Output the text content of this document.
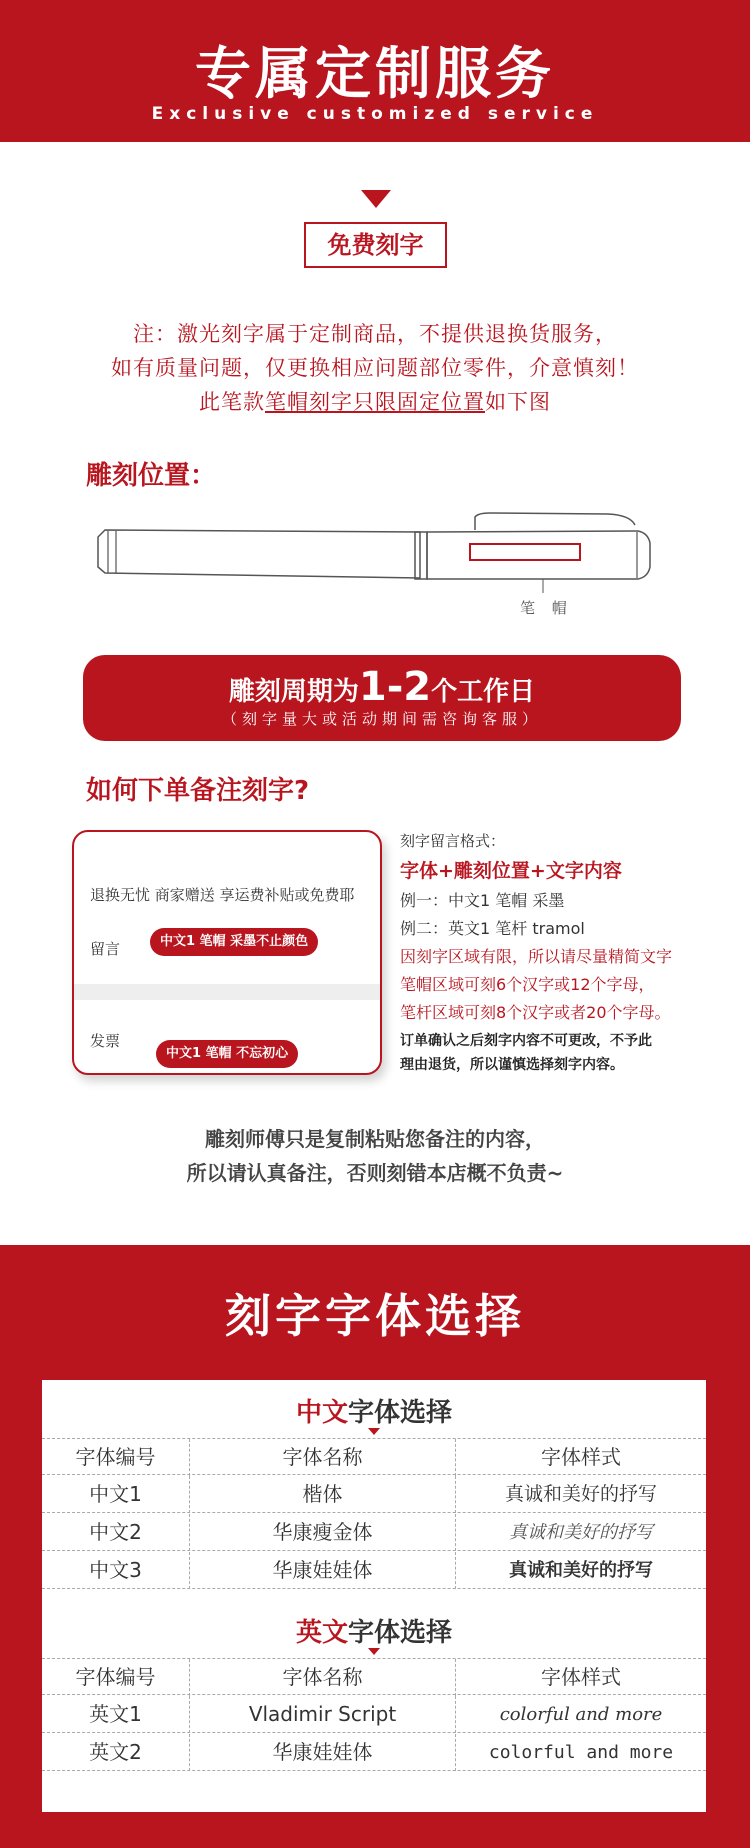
专属定制服务
Exclusive customized service
免费刻字
注：激光刻字属于定制商品，不提供退换货服务，
如有质量问题，仅更换相应问题部位零件，介意慎刻！
此笔款笔帽刻字只限固定位置如下图
雕刻位置：
笔 帽
雕刻周期为1-2个工作日
（刻字量大或活动期间需咨询客服）
如何下单备注刻字?
退换无忧 商家赠送 享运费补贴或免费耶
留言	中文1 笔帽 采墨不止颜色
发票
中文1 笔帽 不忘初心
刻字留言格式：
字体+雕刻位置+文字内容
例一：中文1 笔帽 采墨
例二：英文1 笔杆 tramol
因刻字区域有限，所以请尽量精简文字
笔帽区域可刻6个汉字或12个字母，
笔杆区域可刻8个汉字或者20个字母。
订单确认之后刻字内容不可更改，不予此
理由退货，所以谨慎选择刻字内容。
雕刻师傅只是复制粘贴您备注的内容，
所以请认真备注，否则刻错本店概不负责~
刻字字体选择
中文字体选择
字体编号	字体名称	字体样式
中文1	楷体	真诚和美好的抒写
中文2	华康瘦金体	真诚和美好的抒写
中文3	华康娃娃体	真诚和美好的抒写
英文字体选择
字体编号	字体名称	字体样式
英文1	Vladimir Script	colorful and more
英文2	华康娃娃体	colorful and more
